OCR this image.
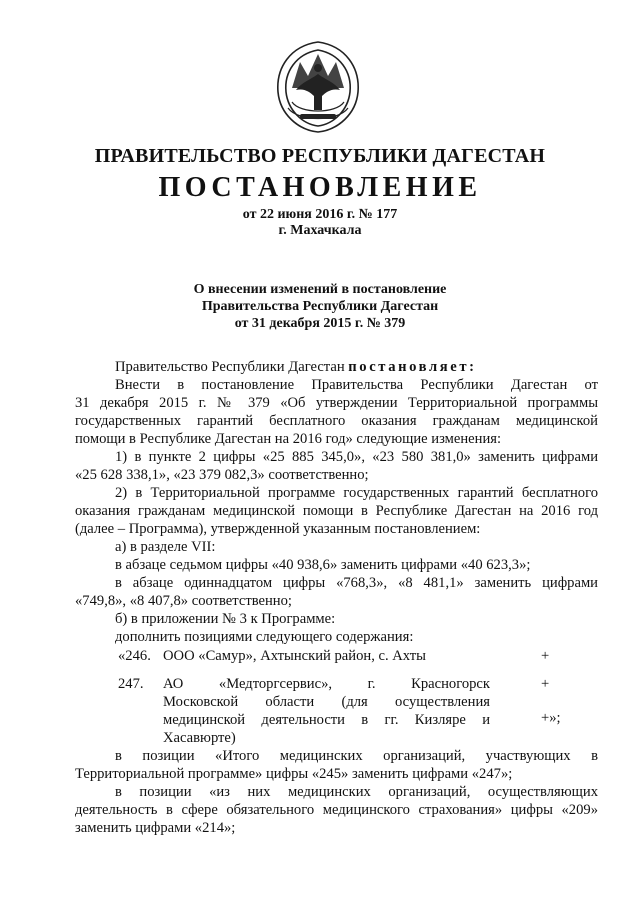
ПРАВИТЕЛЬСТВО РЕСПУБЛИКИ ДАГЕСТАН
ПОСТАНОВЛЕНИЕ
от 22 июня 2016 г. № 177
г. Махачкала
О внесении изменений в постановление
Правительства Республики Дагестан
от 31 декабря 2015 г. № 379
Правительство Республики Дагестан постановляет:
Внести в постановление Правительства Республики Дагестан от
31 декабря 2015 г. № 379 «Об утверждении Территориальной программы
государственных гарантий бесплатного оказания гражданам медицинской
помощи в Республике Дагестан на 2016 год» следующие изменения:
1) в пункте 2 цифры «25 885 345,0», «23 580 381,0» заменить цифрами
«25 628 338,1», «23 379 082,3» соответственно;
2) в Территориальной программе государственных гарантий бесплатного
оказания гражданам медицинской помощи в Республике Дагестан на 2016 год
(далее – Программа), утвержденной указанным постановлением:
а) в разделе VII:
в абзаце седьмом цифры «40 938,6» заменить цифрами «40 623,3»;
в абзаце одиннадцатом цифры «768,3», «8 481,1» заменить цифрами
«749,8», «8 407,8» соответственно;
б) в приложении № 3 к Программе:
дополнить позициями следующего содержания:
«246. ООО «Самур», Ахтынский район, с. Ахты	+
247. АО «Медторгсервис», г. Красногорск
Московской области (для осуществления
медицинской деятельности в гг. Кизляре и
Хасавюрте)
+
+»;
в позиции «Итого медицинских организаций, участвующих в
Территориальной программе» цифры «245» заменить цифрами «247»;
в позиции «из них медицинских организаций, осуществляющих
деятельность в сфере обязательного медицинского страхования» цифры «209»
заменить цифрами «214»;
